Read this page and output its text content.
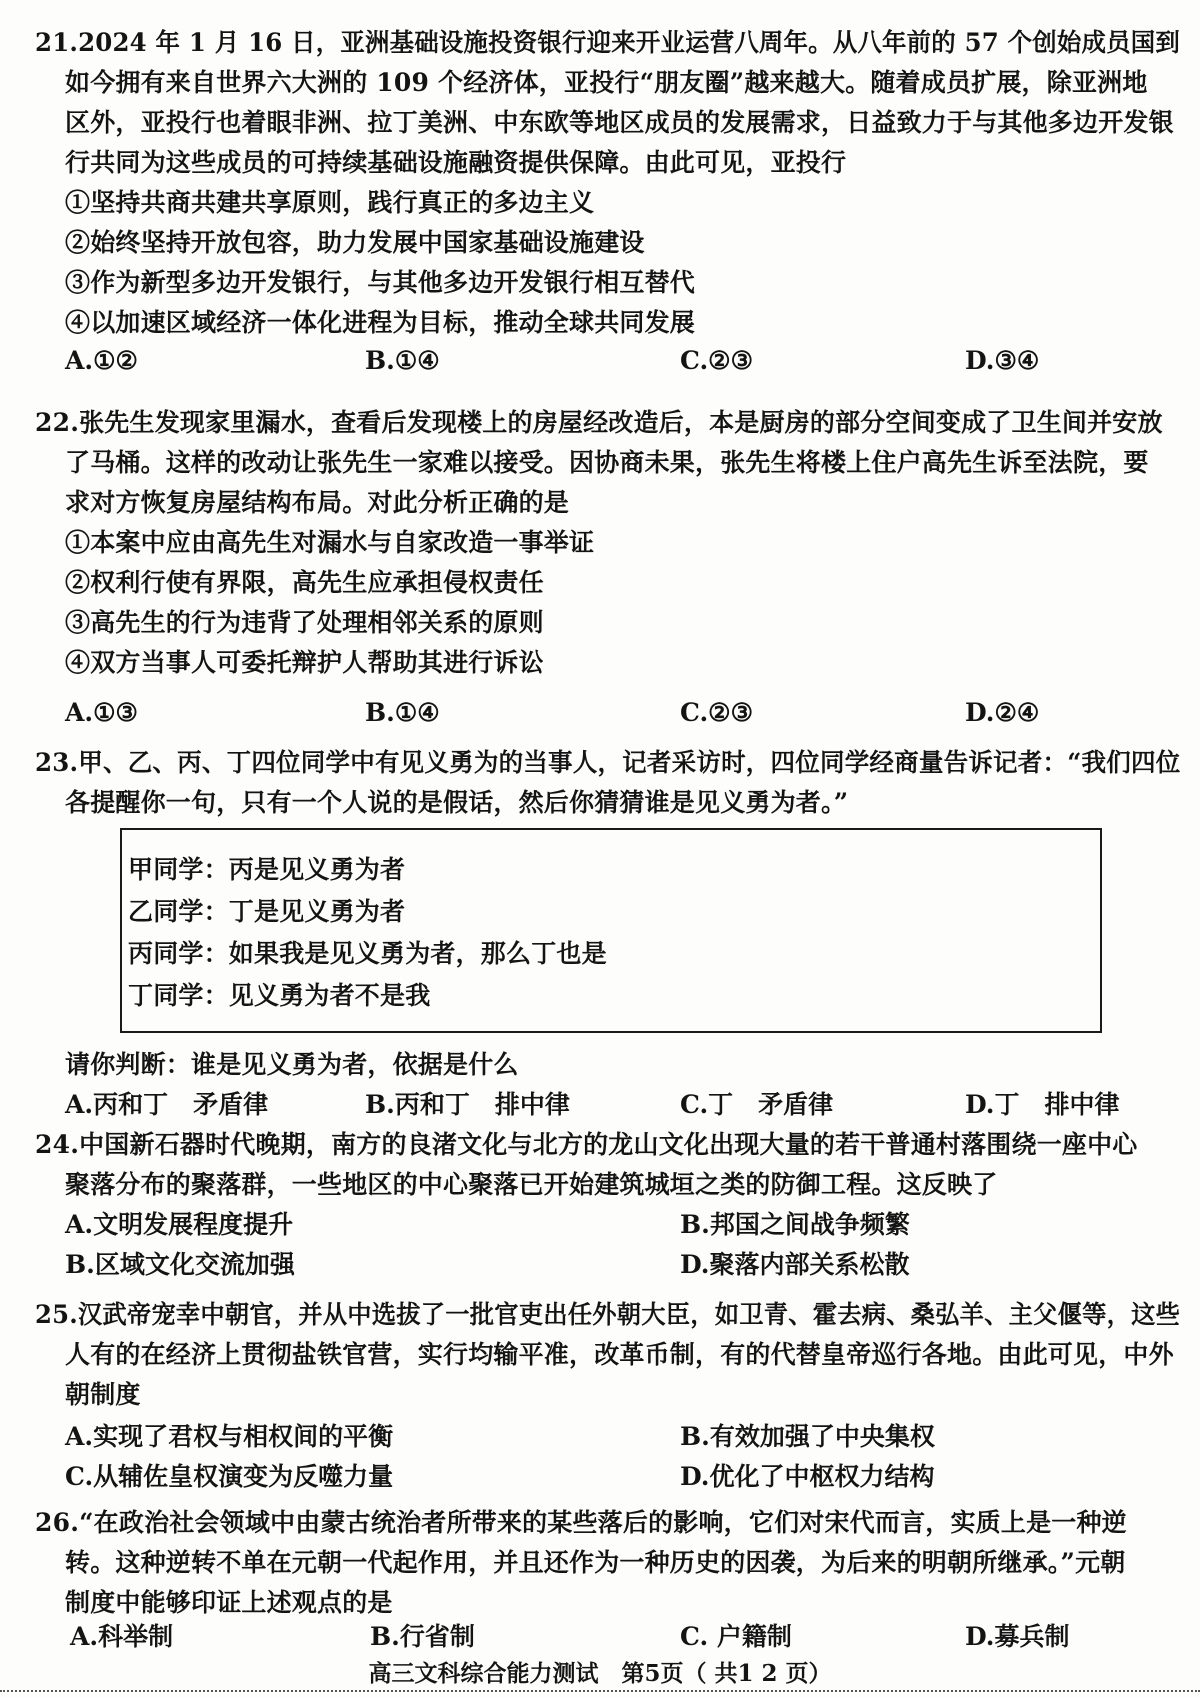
21.2024 年 1 月 16 日，亚洲基础设施投资银行迎来开业运营八周年。从八年前的 57 个创始成员国到
如今拥有来自世界六大洲的 109 个经济体，亚投行“朋友圈”越来越大。随着成员扩展，除亚洲地
区外，亚投行也着眼非洲、拉丁美洲、中东欧等地区成员的发展需求，日益致力于与其他多边开发银
行共同为这些成员的可持续基础设施融资提供保障。由此可见，亚投行
①坚持共商共建共享原则，践行真正的多边主义
②始终坚持开放包容，助力发展中国家基础设施建设
③作为新型多边开发银行，与其他多边开发银行相互替代
④以加速区域经济一体化进程为目标，推动全球共同发展
A.①②	B.①④	C.②③	D.③④
22.张先生发现家里漏水，查看后发现楼上的房屋经改造后，本是厨房的部分空间变成了卫生间并安放
了马桶。这样的改动让张先生一家难以接受。因协商未果，张先生将楼上住户高先生诉至法院，要
求对方恢复房屋结构布局。对此分析正确的是
①本案中应由高先生对漏水与自家改造一事举证
②权利行使有界限，高先生应承担侵权责任
③高先生的行为违背了处理相邻关系的原则
④双方当事人可委托辩护人帮助其进行诉讼
A.①③	B.①④	C.②③	D.②④
23.甲、乙、丙、丁四位同学中有见义勇为的当事人，记者采访时，四位同学经商量告诉记者：“我们四位
各提醒你一句，只有一个人说的是假话，然后你猜猜谁是见义勇为者。”
甲同学：丙是见义勇为者
乙同学：丁是见义勇为者
丙同学：如果我是见义勇为者，那么丁也是
丁同学：见义勇为者不是我
请你判断：谁是见义勇为者，依据是什么
A.丙和丁　矛盾律	B.丙和丁　排中律	C.丁　矛盾律	D.丁　排中律
24.中国新石器时代晚期，南方的良渚文化与北方的龙山文化出现大量的若干普通村落围绕一座中心
聚落分布的聚落群，一些地区的中心聚落已开始建筑城垣之类的防御工程。这反映了
A.文明发展程度提升	B.邦国之间战争频繁
B.区域文化交流加强	D.聚落内部关系松散
25.汉武帝宠幸中朝官，并从中选拔了一批官吏出任外朝大臣，如卫青、霍去病、桑弘羊、主父偃等，这些
人有的在经济上贯彻盐铁官营，实行均输平准，改革币制，有的代替皇帝巡行各地。由此可见，中外
朝制度
A.实现了君权与相权间的平衡	B.有效加强了中央集权
C.从辅佐皇权演变为反噬力量	D.优化了中枢权力结构
26.“在政治社会领域中由蒙古统治者所带来的某些落后的影响，它们对宋代而言，实质上是一种逆
转。这种逆转不单在元朝一代起作用，并且还作为一种历史的因袭，为后来的明朝所继承。”元朝
制度中能够印证上述观点的是
A.科举制	B.行省制	C. 户籍制	D.募兵制
高三文科综合能力测试　第5页（ 共1 2 页）
